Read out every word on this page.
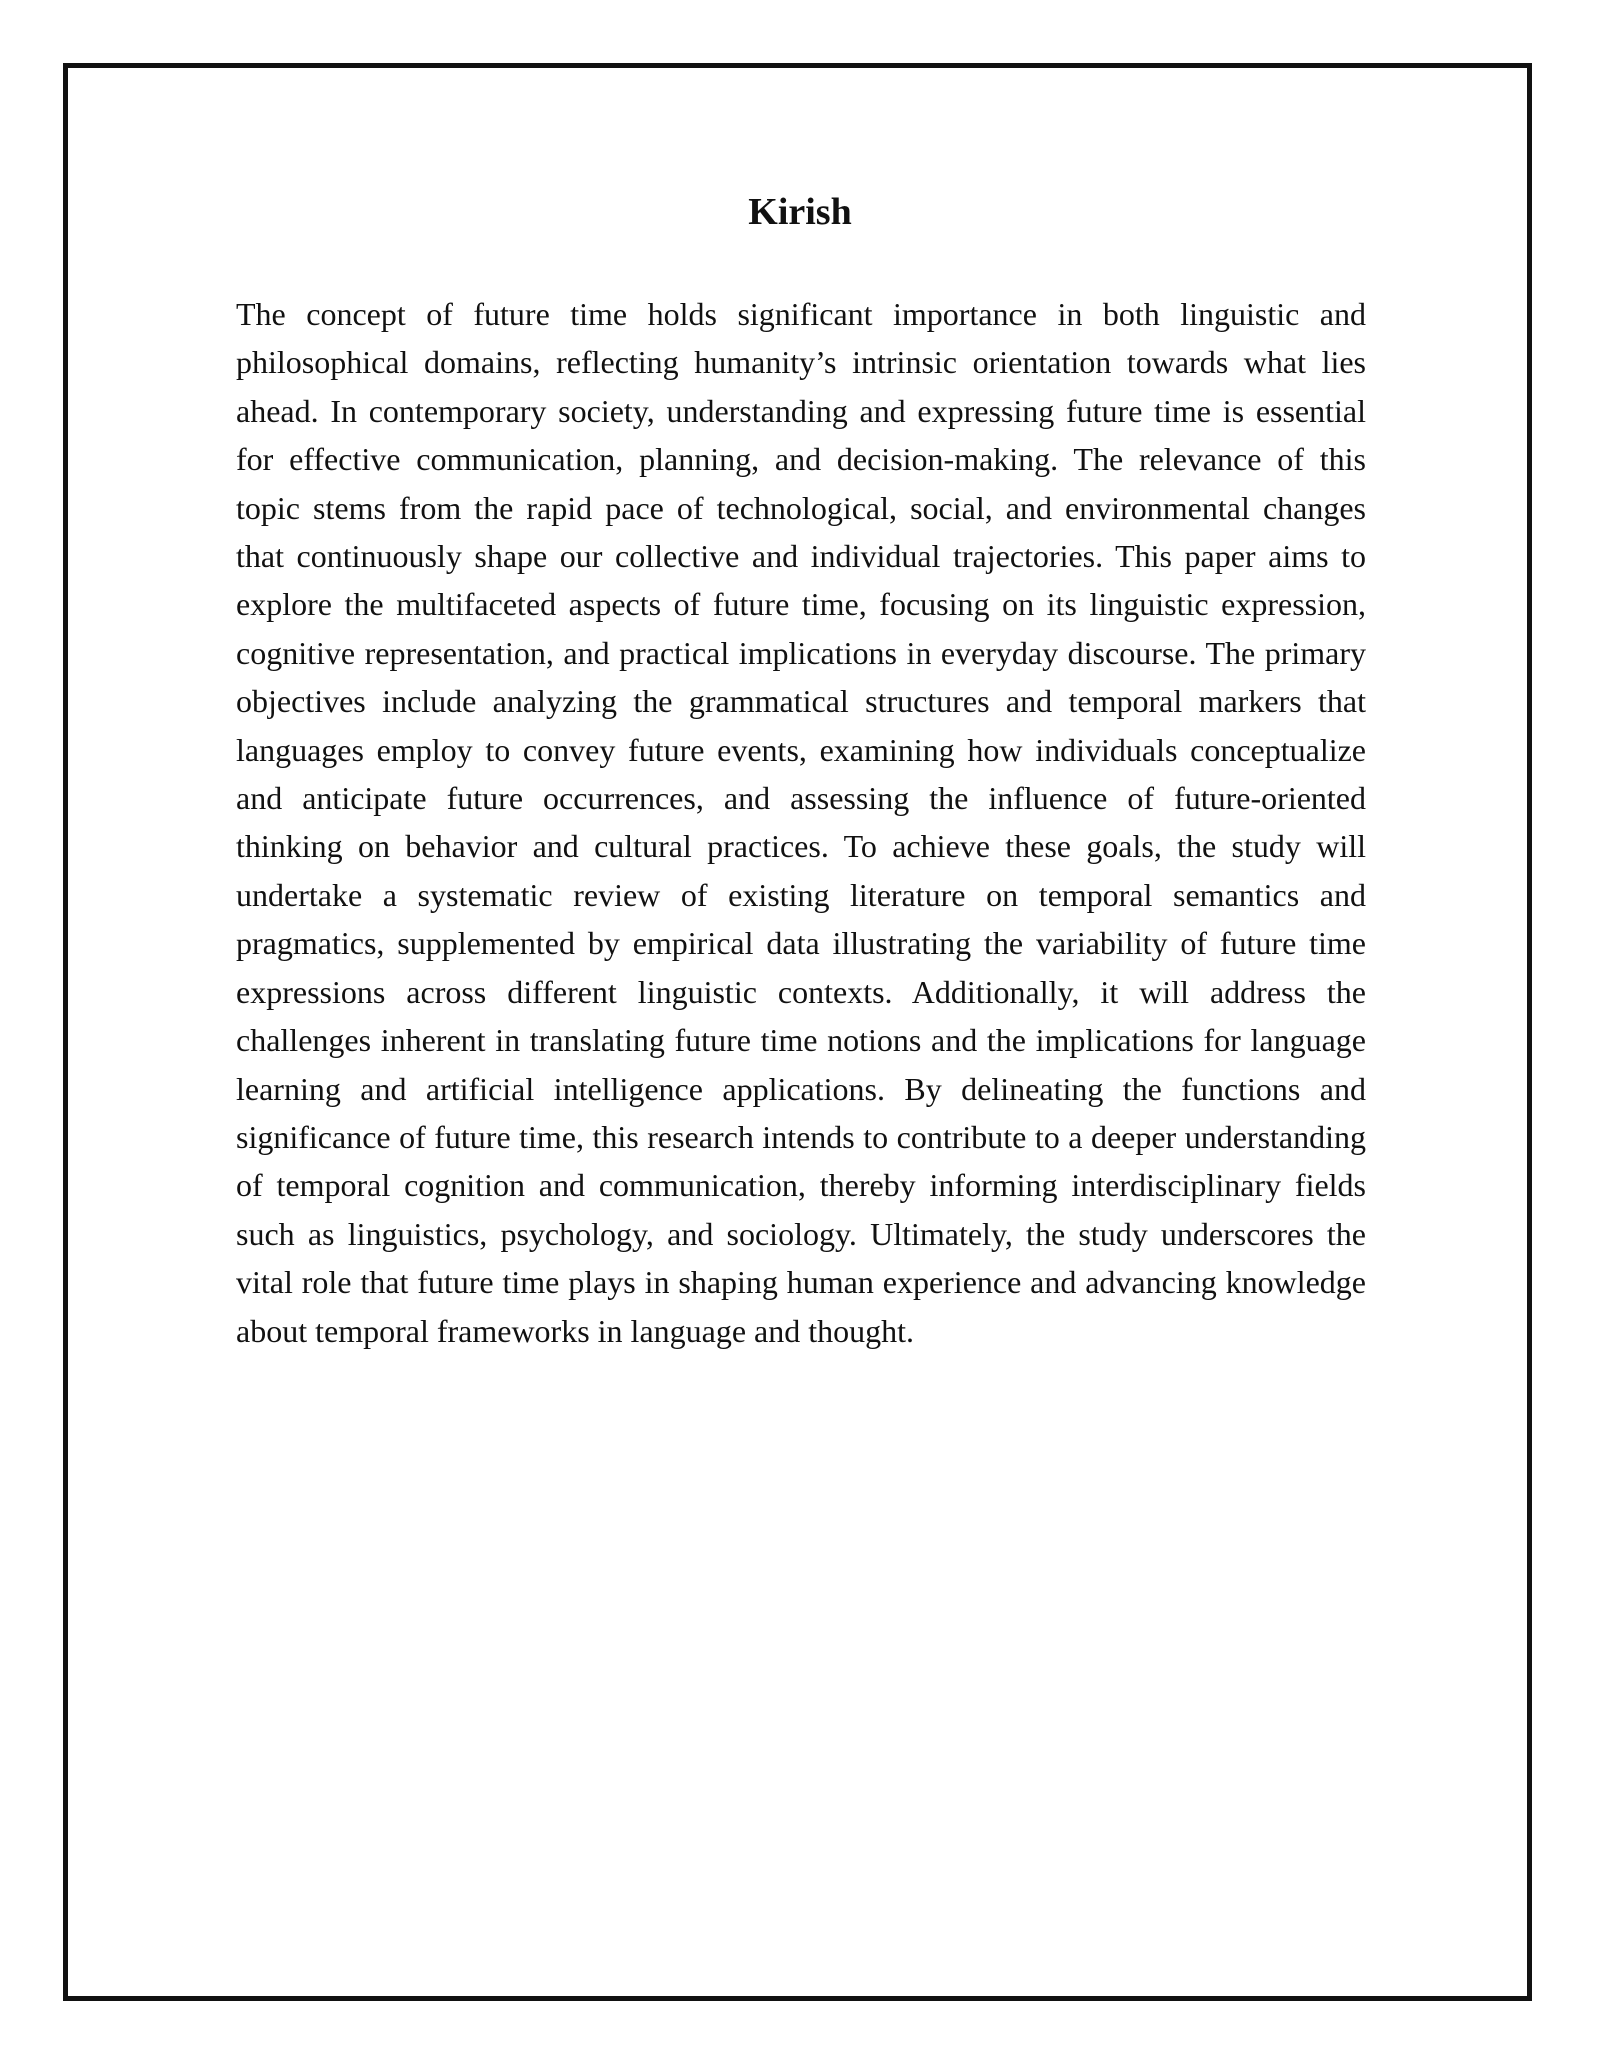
Kirish

The concept of future time holds significant importance in both linguistic and philosophical domains, reflecting humanity’s intrinsic orientation towards what lies ahead. In contemporary society, understanding and expressing future time is essential for effective communication, planning, and decision-making. The relevance of this topic stems from the rapid pace of technological, social, and environmental changes that continuously shape our collective and individual trajectories. This paper aims to explore the multifaceted aspects of future time, focusing on its linguistic expression, cognitive representation, and practical implications in everyday discourse. The primary objectives include analyzing the grammatical structures and temporal markers that languages employ to convey future events, examining how individuals conceptualize and anticipate future occurrences, and assessing the influence of future-oriented thinking on behavior and cultural practices. To achieve these goals, the study will undertake a systematic review of existing literature on temporal semantics and pragmatics, supplemented by empirical data illustrating the variability of future time expressions across different linguistic contexts. Additionally, it will address the challenges inherent in translating future time notions and the implications for language learning and artificial intelligence applications. By delineating the functions and significance of future time, this research intends to contribute to a deeper understanding of temporal cognition and communication, thereby informing interdisciplinary fields such as linguistics, psychology, and sociology. Ultimately, the study underscores the vital role that future time plays in shaping human experience and advancing knowledge about temporal frameworks in language and thought.
